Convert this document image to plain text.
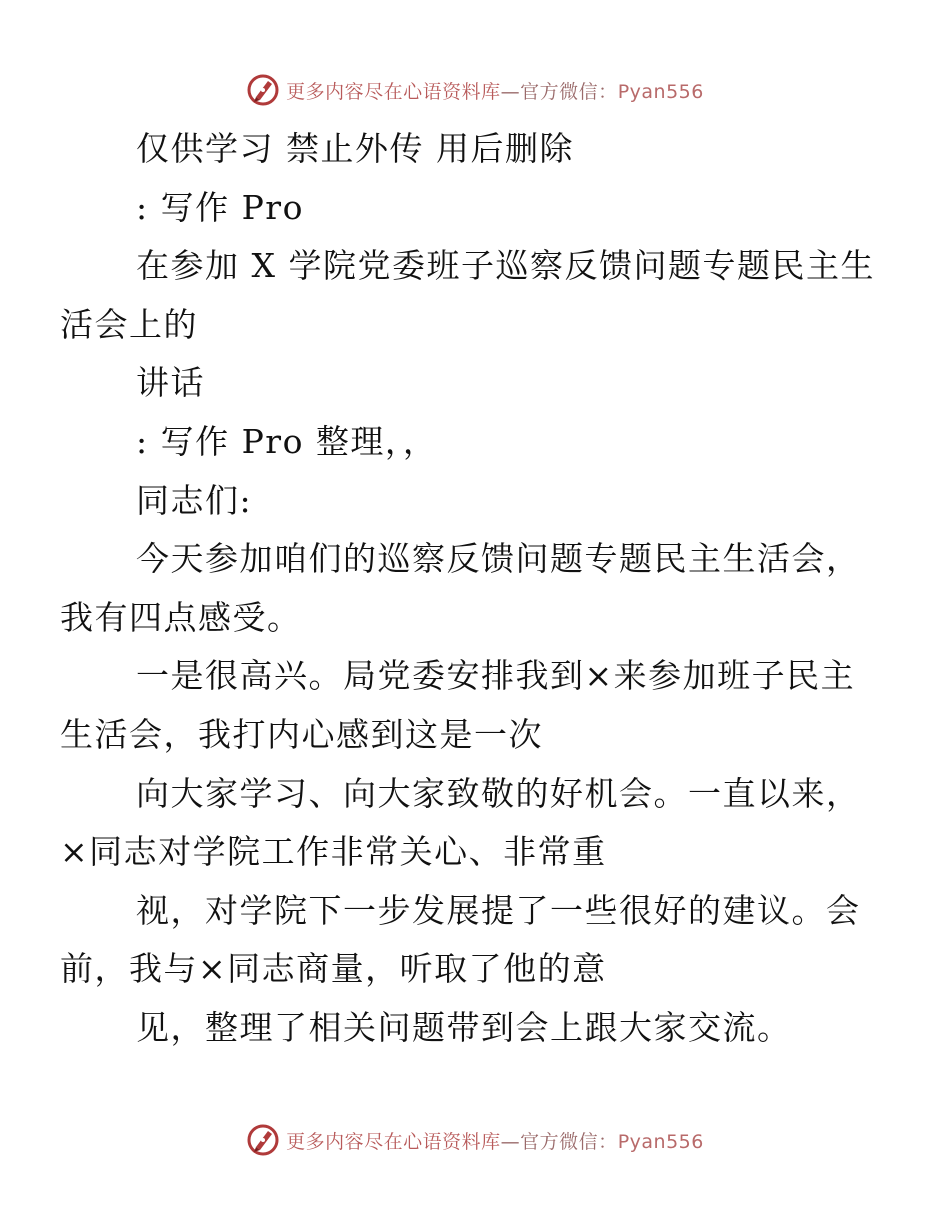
更多内容尽在心语资料库—官方微信：Pyan556
仅供学习 禁止外传 用后删除
: 写作 Pro
在参加 X 学院党委班子巡察反馈问题专题民主生
活会上的
讲话
: 写作 Pro 整理，，
同志们:
今天参加咱们的巡察反馈问题专题民主生活会，
我有四点感受。
一是很高兴。局党委安排我到×来参加班子民主
生活会，我打内心感到这是一次
向大家学习、向大家致敬的好机会。一直以来，
×同志对学院工作非常关心、非常重
视，对学院下一步发展提了一些很好的建议。会
前，我与×同志商量，听取了他的意
见，整理了相关问题带到会上跟大家交流。
更多内容尽在心语资料库—官方微信：Pyan556
